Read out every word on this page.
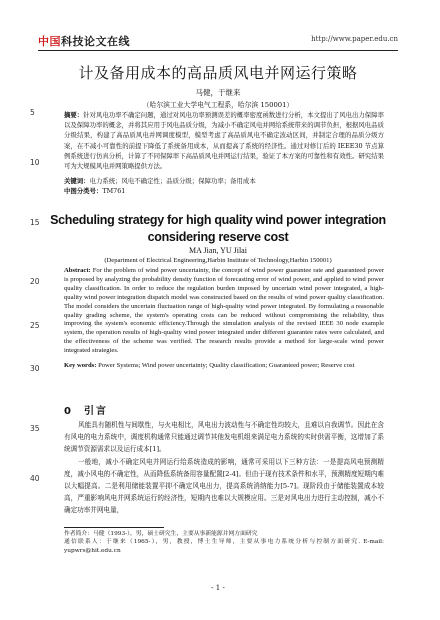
中国科技论文在线	http://www.paper.edu.cn
计及备用成本的高品质风电并网运行策略
马健，于继来
（哈尔滨工业大学电气工程系，哈尔滨 150001）
摘要：针对风电功率不确定问题，通过对风电功率预测误差的概率密度函数进行分析，本文提出了风电出力保障率以及保障功率的概念，并将其应用于风电品质分级，为减小不确定风电并网给系统带来的调节负担，根据风电品质分级结果，构建了高品质风电并网调度模型，模型考虑了高品质风电不确定波动区间，并制定合理的品质分级方案，在不减小可靠性的前提下降低了系统备用成本，从而提高了系统的经济性。通过对修订后的 IEEE30 节点算例系统进行仿真分析，计算了不同保障率下高品质风电并网运行结果，验证了本方案的可靠性和有效性。研究结果可为大规模风电并网策略提供方法。
关键词：电力系统；风电不确定性；品质分级；保障功率；备用成本
中图分类号：TM761
Scheduling strategy for high quality wind power integration considering reserve cost
MA Jian, YU Jilai
(Department of Electrical Engineering,Harbin Institute of Technology,Harbin 150001)
Abstract: For the problem of wind power uncertainty, the concept of wind power guarantee rate and guaranteed power is proposed by analyzing the probability density function of forecasting error of wind power, and applied to wind power quality classification. In order to reduce the regulation burden imposed by uncertain wind power integrated, a high-quality wind power integration dispatch model was constructed based on the results of wind power quality classification. The model considers the uncertain fluctuation range of high-quality wind power integrated. By formulating a reasonable quality grading scheme, the system's operating costs can be reduced without compromising the reliability, thus improving the system's economic efficiency.Through the simulation analysis of the revised IEEE 30 node example system, the operation results of high-quality wind power integrated under different guarantee rates were calculated, and the effectiveness of the scheme was verified. The research results provide a method for large-scale wind power integrated strategies.
Key words: Power Systems; Wind power uncertainty; Quality classification; Guaranteed power; Reserve cost
0 引言

风能具有随机性与间歇性，与火电相比，风电出力波动性与不确定性均较大，且难以自我调节。因此在含有风电的电力系统中，调度机构通常只能通过调节其他发电机组来满足电力系统的实时供需平衡，这增加了系统调节资源需求以及运行成本[1]。

一般地，减小不确定风电并网运行给系统造成的影响，通常可采用以下三种方法：一是提高风电预测精度，减小风电的不确定性，从而降低系统备用容量配置[2-4]。但由于现有技术条件和水平，预测精度短期内难以大幅提高。二是利用储能装置平抑不确定风电出力，提高系统消纳能力[5-7]。现阶段由于储能装置成本较高，严重影响风电并网系统运行的经济性，短期内也难以大规模应用。三是对风电出力进行主动控制，减小不确定功率并网电量，

作者简介：马健（1993-），男，硕士研究生，主要从事新能源并网方面研究
通信联系人：于继来（1965-），男，教授，博士生导师，主要从事电力系统分析与控制方面研究. E-mail: yupwrs@hit.edu.cn
5
10
15
20
25
30
35
40
- 1 -
